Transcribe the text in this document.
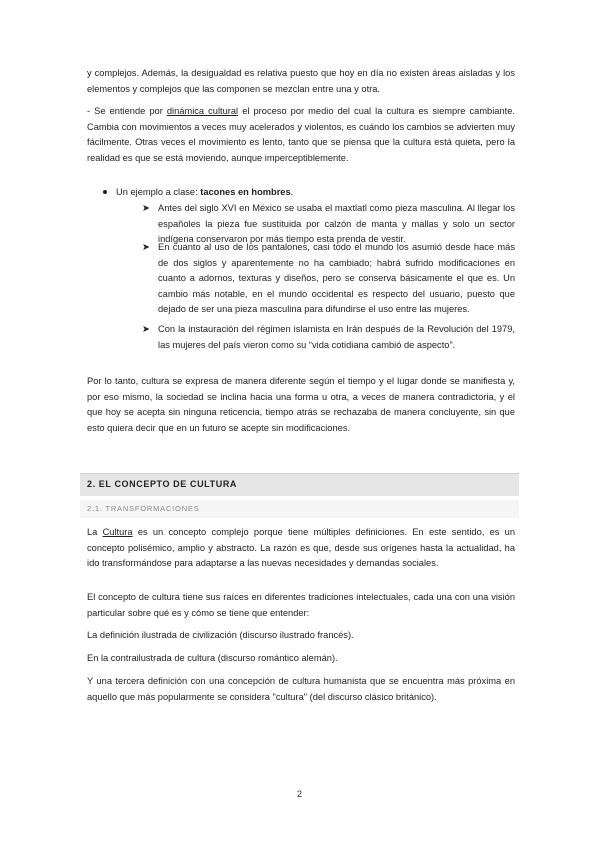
y complejos. Además, la desigualdad es relativa puesto que hoy en día no existen áreas aisladas y los elementos y complejos que las componen se mezclan entre una y otra.

- Se entiende por dinámica cultural el proceso por medio del cual la cultura es siempre cambiante. Cambia con movimientos a veces muy acelerados y violentos, es cuándo los cambios se advierten muy fácilmente. Otras veces el movimiento es lento, tanto que se piensa que la cultura está quieta, pero la realidad es que se está moviendo, aunque imperceptiblemente.

Un ejemplo a clase: tacones en hombres.
➤ Antes del siglo XVI en México se usaba el maxtlatl como pieza masculina. Al llegar los españoles la pieza fue sustituida por calzón de manta y mallas y solo un sector indígena conservaron por más tiempo esta prenda de vestir.

➤ En cuanto al uso de los pantalones, casi todo el mundo los asumió desde hace más de dos siglos y aparentemente no ha cambiado; habrá sufrido modificaciones en cuanto a adornos, texturas y diseños, pero se conserva básicamente el que es. Un cambio más notable, en el mundo occidental es respecto del usuario, puesto que dejado de ser una pieza masculina para difundirse el uso entre las mujeres.

➤ Con la instauración del régimen islamista en Irán después de la Revolución del 1979, las mujeres del país vieron como su “vida cotidiana cambió de aspecto”.

Por lo tanto, cultura se expresa de manera diferente según el tiempo y el lugar donde se manifiesta y, por eso mismo, la sociedad se inclina hacia una forma u otra, a veces de manera contradictoria, y el que hoy se acepta sin ninguna reticencia, tiempo atrás se rechazaba de manera concluyente, sin que esto quiera decir que en un futuro se acepte sin modificaciones.

2. EL CONCEPTO DE CULTURA
2.1. TRANSFORMACIONES

La Cultura es un concepto complejo porque tiene múltiples definiciones. En este sentido, es un concepto polisémico, amplio y abstracto. La razón es que, desde sus orígenes hasta la actualidad, ha ido transformándose para adaptarse a las nuevas necesidades y demandas sociales.

El concepto de cultura tiene sus raíces en diferentes tradiciones intelectuales, cada una con una visión particular sobre qué es y cómo se tiene que entender:

La definición ilustrada de civilización (discurso ilustrado francés).

En la contrailustrada de cultura (discurso romántico alemán).

Y una tercera definición con una concepción de cultura humanista que se encuentra más próxima en aquello que más popularmente se considera "cultura" (del discurso clásico británico).

2
